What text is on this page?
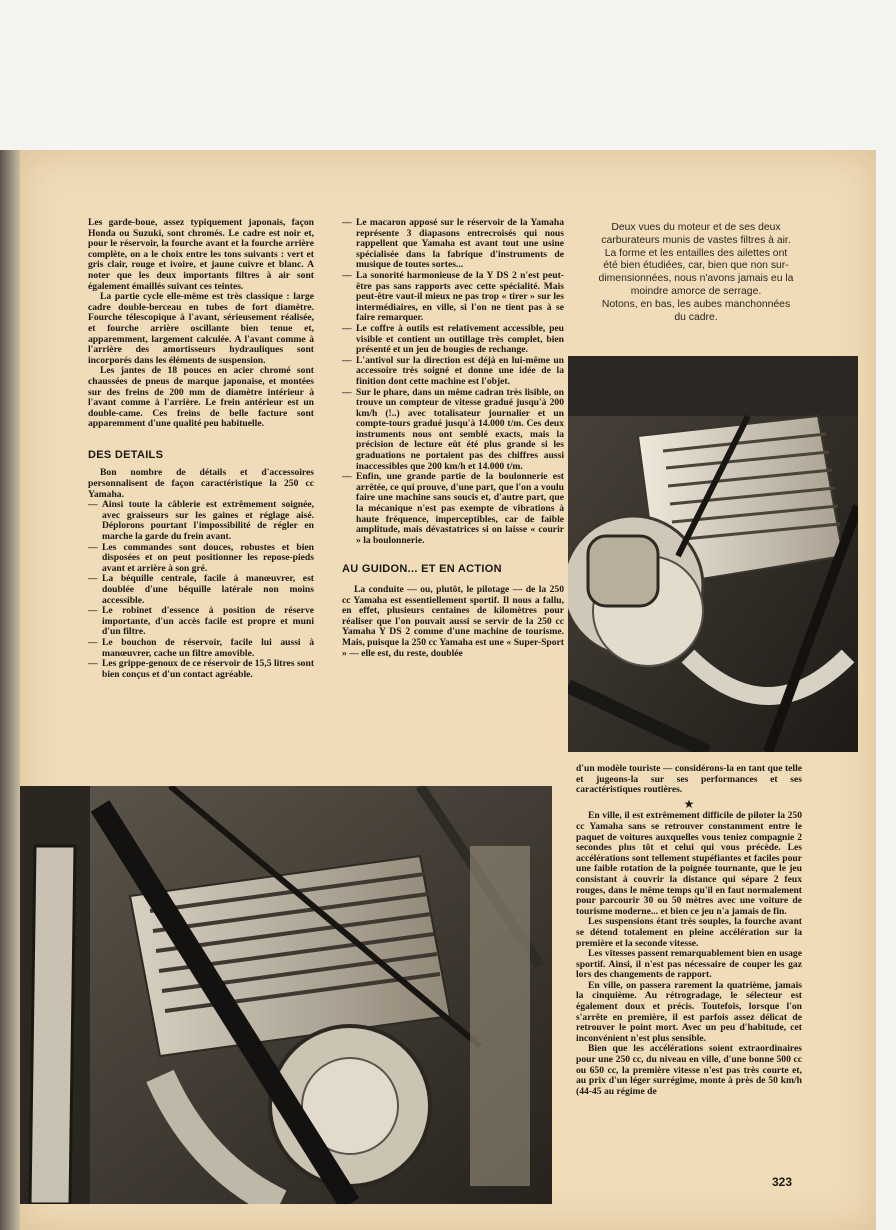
Les garde-boue, assez typiquement japonais, façon Honda ou Suzuki, sont chromés. Le cadre est noir et, pour le réservoir, la fourche avant et la fourche arrière complète, on a le choix entre les tons suivants : vert et gris clair, rouge et ivoire, et jaune cuivre et blanc. A noter que les deux importants filtres à air sont également émaillés suivant ces teintes.

La partie cycle elle-même est très classique : large cadre double-berceau en tubes de fort diamètre. Fourche télescopique à l'avant, sérieusement réalisée, et fourche arrière oscillante bien tenue et, apparemment, largement calculée. A l'avant comme à l'arrière des amortisseurs hydrauliques sont incorporés dans les éléments de suspension.

Les jantes de 18 pouces en acier chromé sont chaussées de pneus de marque japonaise, et montées sur des freins de 200 mm de diamètre intérieur à l'avant comme à l'arrière. Le frein antérieur est un double-came. Ces freins de belle facture sont apparemment d'une qualité peu habituelle.

DES DETAILS

Bon nombre de détails et d'accessoires personnalisent de façon caractéristique la 250 cc Yamaha.

— Ainsi toute la câblerie est extrêmement soignée, avec graisseurs sur les gaines et réglage aisé. Déplorons pourtant l'impossibilité de régler en marche la garde du frein avant.
— Les commandes sont douces, robustes et bien disposées et on peut positionner les repose-pieds avant et arrière à son gré.
— La béquille centrale, facile à manœuvrer, est doublée d'une béquille latérale non moins accessible.
— Le robinet d'essence à position de réserve importante, d'un accès facile est propre et muni d'un filtre.
— Le bouchon de réservoir, facile lui aussi à manœuvrer, cache un filtre amovible.
— Les grippe-genoux de ce réservoir de 15,5 litres sont bien conçus et d'un contact agréable.
— Le macaron apposé sur le réservoir de la Yamaha représente 3 diapasons entrecroisés qui nous rappellent que Yamaha est avant tout une usine spécialisée dans la fabrique d'instruments de musique de toutes sortes...
— La sonorité harmonieuse de la Y DS 2 n'est peut-être pas sans rapports avec cette spécialité. Mais peut-être vaut-il mieux ne pas trop « tirer » sur les intermédiaires, en ville, si l'on ne tient pas à se faire remarquer.
— Le coffre à outils est relativement accessible, peu visible et contient un outillage très complet, bien présenté et un jeu de bougies de rechange.
— L'antivol sur la direction est déjà en lui-même un accessoire très soigné et donne une idée de la finition dont cette machine est l'objet.
— Sur le phare, dans un même cadran très lisible, on trouve un compteur de vitesse gradué jusqu'à 200 km/h (!..) avec totalisateur journalier et un compte-tours gradué jusqu'à 14.000 t/m. Ces deux instruments nous ont semblé exacts, mais la précision de lecture eût été plus grande si les graduations ne portaient pas des chiffres aussi inaccessibles que 200 km/h et 14.000 t/m.
— Enfin, une grande partie de la boulonnerie est arrêtée, ce qui prouve, d'une part, que l'on a voulu faire une machine sans soucis et, d'autre part, que la mécanique n'est pas exempte de vibrations à haute fréquence, imperceptibles, car de faible amplitude, mais dévastatrices si on laisse « courir » la boulonnerie.
AU GUIDON... ET EN ACTION

La conduite — ou, plutôt, le pilotage — de la 250 cc Yamaha est essentiellement sportif. Il nous a fallu, en effet, plusieurs centaines de kilomètres pour réaliser que l'on pouvait aussi se servir de la 250 cc Yamaha Y DS 2 comme d'une machine de tourisme. Mais, puisque la 250 cc Yamaha est une « Super-Sport » — elle est, du reste, doublée

Deux vues du moteur et de ses deux carburateurs munis de vastes filtres à air. La forme et les entailles des ailettes ont été bien étudiées, car, bien que non sur-dimensionnées, nous n'avons jamais eu la moindre amorce de serrage.
Notons, en bas, les aubes manchonnées du cadre.

d'un modèle touriste — considérons-la en tant que telle et jugeons-la sur ses performances et ses caractéristiques routières.

★

En ville, il est extrêmement difficile de piloter la 250 cc Yamaha sans se retrouver constamment entre le paquet de voitures auxquelles vous teniez compagnie 2 secondes plus tôt et celui qui vous précède. Les accélérations sont tellement stupéfiantes et faciles pour une faible rotation de la poignée tournante, que le jeu consistant à couvrir la distance qui sépare 2 feux rouges, dans le même temps qu'il en faut normalement pour parcourir 30 ou 50 mètres avec une voiture de tourisme moderne... et bien ce jeu n'a jamais de fin.

Les suspensions étant très souples, la fourche avant se détend totalement en pleine accélération sur la première et la seconde vitesse.

Les vitesses passent remarquablement bien en usage sportif. Ainsi, il n'est pas nécessaire de couper les gaz lors des changements de rapport.

En ville, on passera rarement la quatrième, jamais la cinquième. Au rétrogradage, le sélecteur est également doux et précis. Toutefois, lorsque l'on s'arrête en première, il est parfois assez délicat de retrouver le point mort. Avec un peu d'habitude, cet inconvénient n'est plus sensible.

Bien que les accélérations soient extraordinaires pour une 250 cc, du niveau en ville, d'une bonne 500 cc ou 650 cc, la première vitesse n'est pas très courte et, au prix d'un léger surrégime, monte à près de 50 km/h (44-45 au régime de

323
